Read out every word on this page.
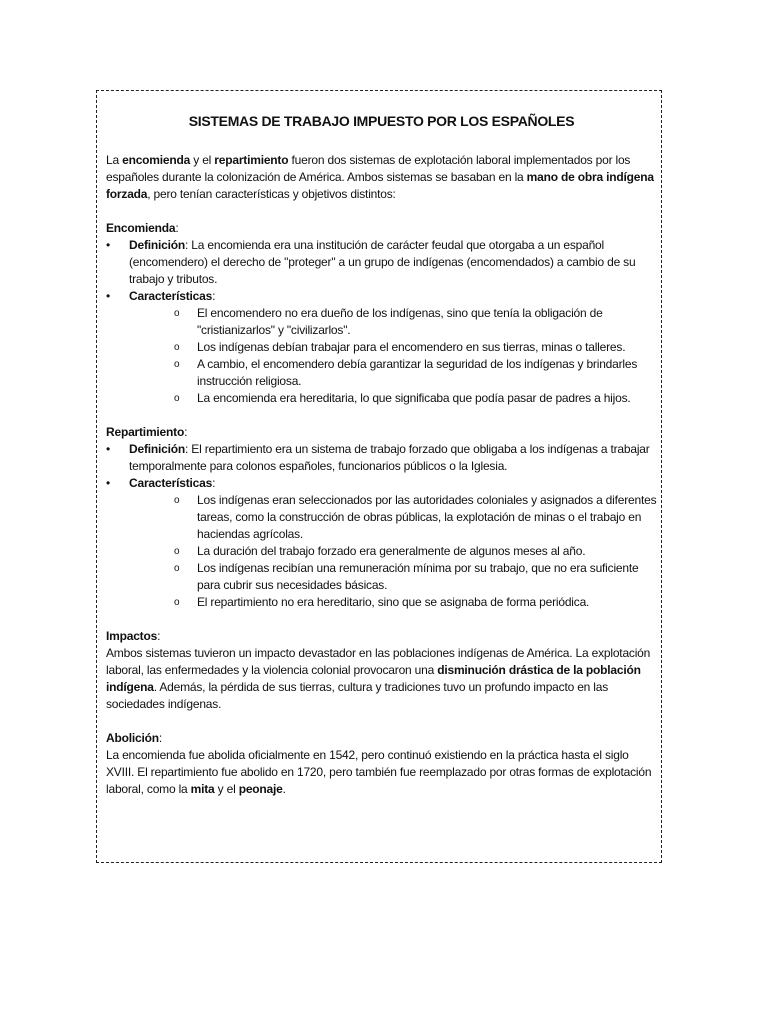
SISTEMAS DE TRABAJO IMPUESTO POR LOS ESPAÑOLES

La encomienda y el repartimiento fueron dos sistemas de explotación laboral implementados por los españoles durante la colonización de América. Ambos sistemas se basaban en la mano de obra indígena forzada, pero tenían características y objetivos distintos:

Encomienda:

• Definición: La encomienda era una institución de carácter feudal que otorgaba a un español (encomendero) el derecho de "proteger" a un grupo de indígenas (encomendados) a cambio de su trabajo y tributos.
• Características:
o El encomendero no era dueño de los indígenas, sino que tenía la obligación de "cristianizarlos" y "civilizarlos".
o Los indígenas debían trabajar para el encomendero en sus tierras, minas o talleres.
o A cambio, el encomendero debía garantizar la seguridad de los indígenas y brindarles instrucción religiosa.
o La encomienda era hereditaria, lo que significaba que podía pasar de padres a hijos.

Repartimiento:

• Definición: El repartimiento era un sistema de trabajo forzado que obligaba a los indígenas a trabajar temporalmente para colonos españoles, funcionarios públicos o la Iglesia.
• Características:
o Los indígenas eran seleccionados por las autoridades coloniales y asignados a diferentes tareas, como la construcción de obras públicas, la explotación de minas o el trabajo en haciendas agrícolas.
o La duración del trabajo forzado era generalmente de algunos meses al año.
o Los indígenas recibían una remuneración mínima por su trabajo, que no era suficiente para cubrir sus necesidades básicas.
o El repartimiento no era hereditario, sino que se asignaba de forma periódica.

Impactos:

Ambos sistemas tuvieron un impacto devastador en las poblaciones indígenas de América. La explotación laboral, las enfermedades y la violencia colonial provocaron una disminución drástica de la población indígena. Además, la pérdida de sus tierras, cultura y tradiciones tuvo un profundo impacto en las sociedades indígenas.

Abolición:

La encomienda fue abolida oficialmente en 1542, pero continuó existiendo en la práctica hasta el siglo XVIII. El repartimiento fue abolido en 1720, pero también fue reemplazado por otras formas de explotación laboral, como la mita y el peonaje.
